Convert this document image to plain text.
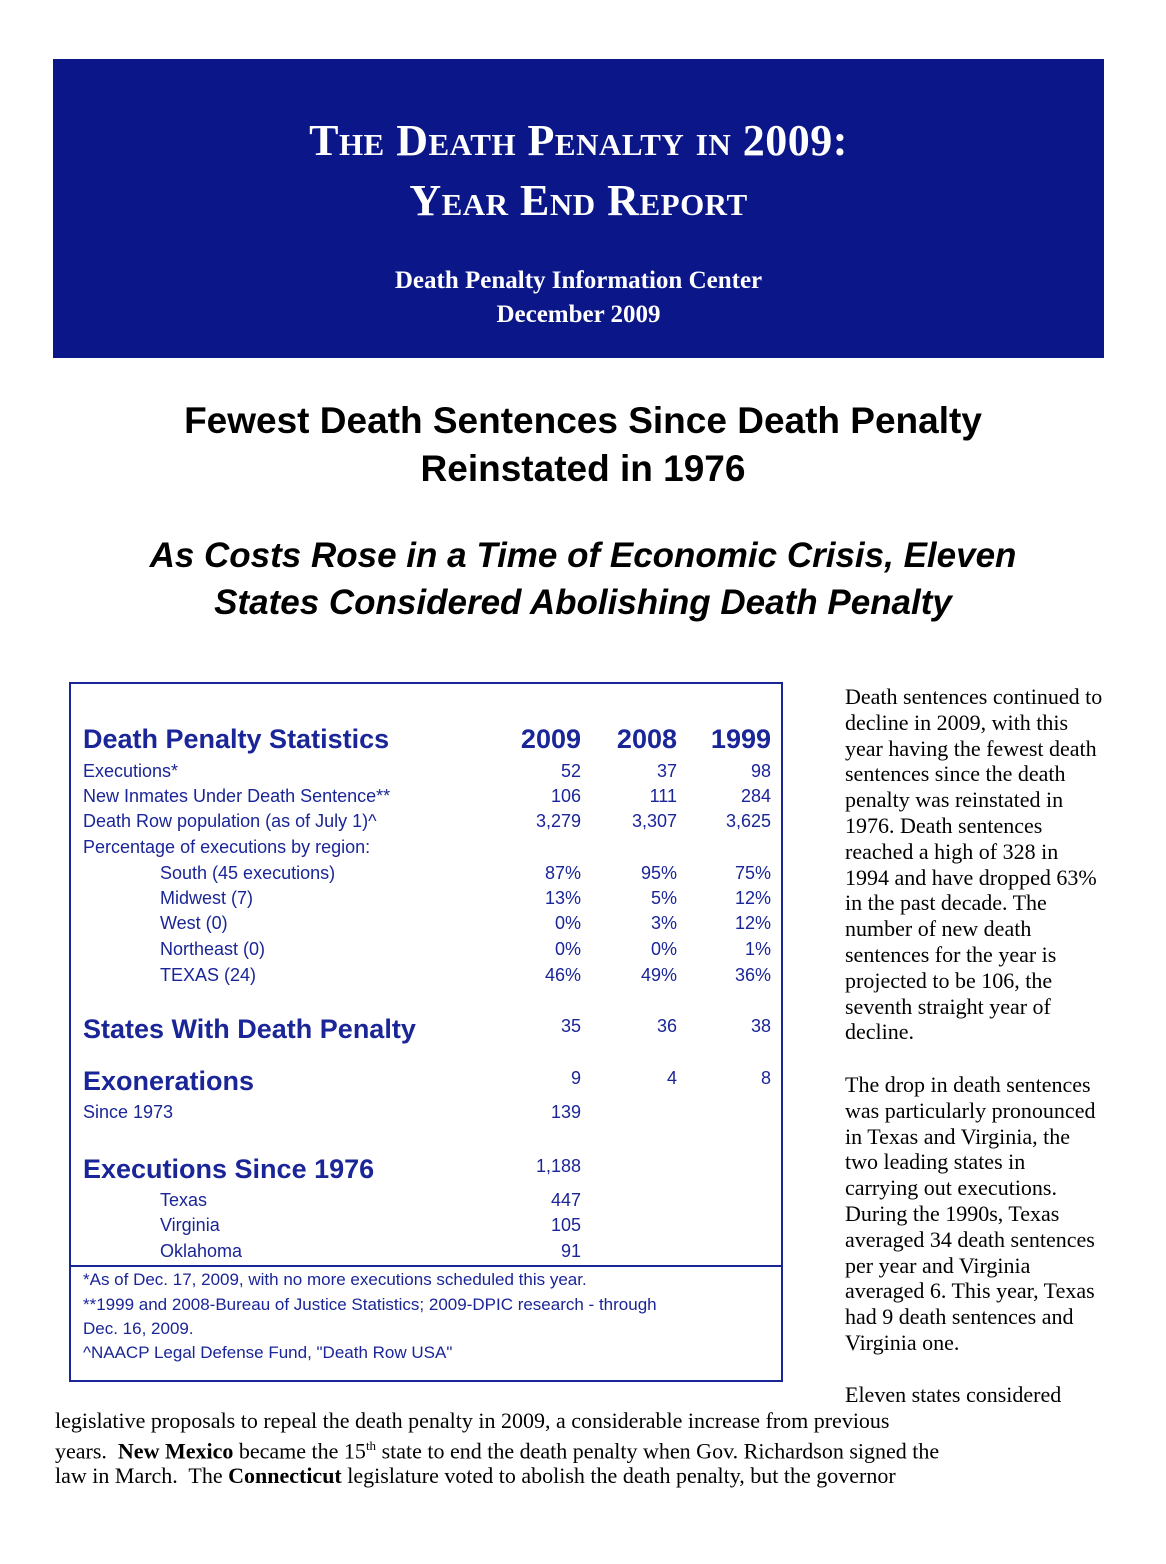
The Death Penalty in 2009:
Year End Report
Death Penalty Information Center
December 2009
Fewest Death Sentences Since Death Penalty
Reinstated in 1976
As Costs Rose in a Time of Economic Crisis, Eleven
States Considered Abolishing Death Penalty
Death Penalty Statistics	2009	2008	1999
Executions*	52	37	98
New Inmates Under Death Sentence**	106	111	284
Death Row population (as of July 1)^	3,279	3,307	3,625
Percentage of executions by region:
South (45 executions)	87%	95%	75%
Midwest (7)	13%	5%	12%
West (0)	0%	3%	12%
Northeast (0)	0%	0%	1%
TEXAS (24)	46%	49%	36%
States With Death Penalty	35	36	38
Exonerations	9	4	8
Since 1973	139
Executions Since 1976	1,188
Texas	447
Virginia	105
Oklahoma	91
*As of Dec. 17, 2009, with no more executions scheduled this year.
**1999 and 2008-Bureau of Justice Statistics; 2009-DPIC research - through
Dec. 16, 2009.
^NAACP Legal Defense Fund, "Death Row USA"

Death sentences continued to decline in 2009, with this year having the fewest death sentences since the death penalty was reinstated in 1976. Death sentences reached a high of 328 in 1994 and have dropped 63% in the past decade. The number of new death sentences for the year is projected to be 106, the seventh straight year of decline.

The drop in death sentences was particularly pronounced in Texas and Virginia, the two leading states in carrying out executions. During the 1990s, Texas averaged 34 death sentences per year and Virginia averaged 6. This year, Texas had 9 death sentences and Virginia one.

Eleven states considered

legislative proposals to repeal the death penalty in 2009, a considerable increase from previous

years.  New Mexico became the 15th state to end the death penalty when Gov. Richardson signed the

law in March.  The Connecticut legislature voted to abolish the death penalty, but the governor
